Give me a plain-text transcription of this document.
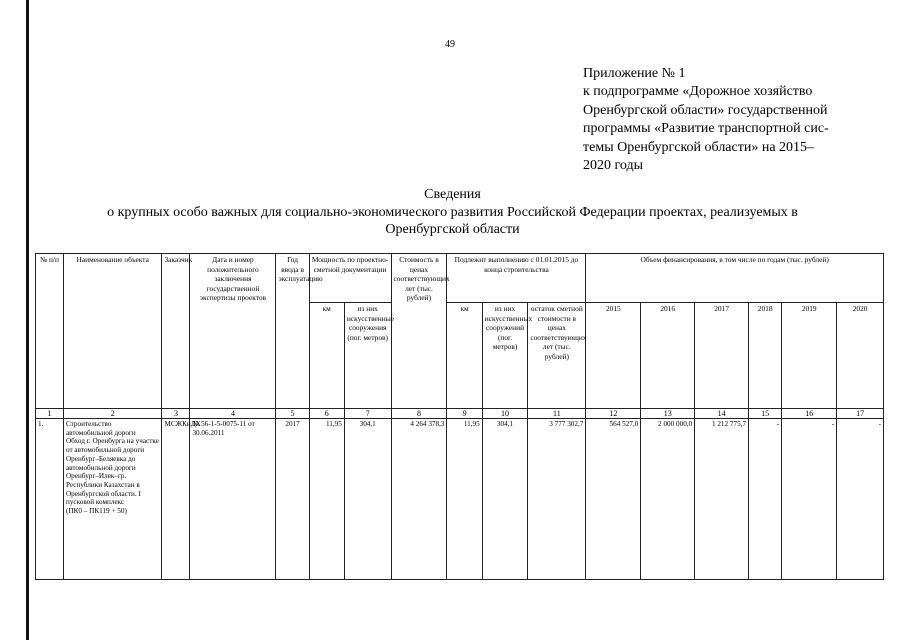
49
Приложение № 1
к подпрограмме «Дорожное хозяйство
Оренбургской области» государственной
программы «Развитие транспортной сис-
темы Оренбургской области» на 2015–
2020 годы
Сведения
о крупных особо важных для социально-экономического развития Российской Федерации проектах, реализуемых в
Оренбургской области
№ п/п	Наименование объекта	Заказчик	Дата и номер положительного заключения государственной экспертизы проектов	Год ввода в эксплуатацию	Мощность по проектно-сметной документации		Стоимость в ценах соответствующих лет (тыс. рублей)	Подлежит выполнению с 01.01.2015 до конца строительства			Объем финансирования, в том числе по годам (тыс. рублей)					
					км	из них искусственные сооружения (пог. метров)		км	из них искусственных сооружений (пог. метров)	остаток сметной стоимости в ценах соответствующих лет (тыс. рублей)	2015	2016	2017	2018	2019	2020
1	2	3	4	5	6	7	8	9	10	11	12	13	14	15	16	17
1.	Строительство автомобильной дороги
Обход г. Оренбурга на участке от автомобильной дороги Оренбург–Беляевка до автомобильной дороги Оренбург–Илек–гр. Республики Казахстан в Оренбургской области. I пусковой комплекс
(ПК0 – ПК119 + 50)	МСЖКиДХ	№ 56-1-5-0075-11 от 30.06.2011	2017	11,95	304,1	4 264 378,3	11,95	304,1	3 777 302,7	564 527,0	2 000 000,0	1 212 775,7	-	-	-
